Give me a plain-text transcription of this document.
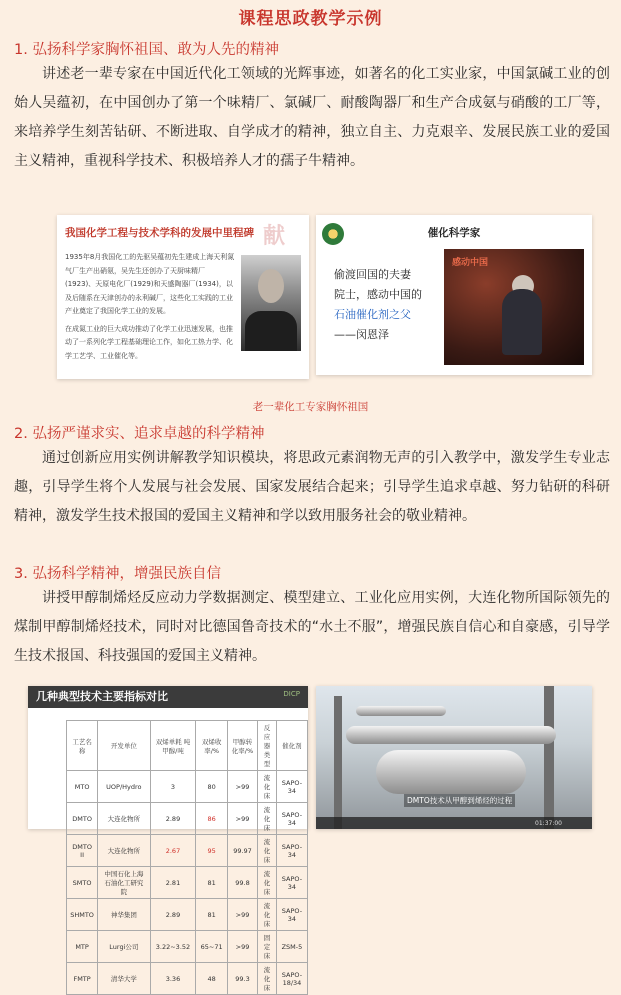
课程思政教学示例
1. 弘扬科学家胸怀祖国、敢为人先的精神
讲述老一辈专家在中国近代化工领域的光辉事迹，如著名的化工实业家，中国氯碱工业的创始人吴蕴初，在中国创办了第一个味精厂、氯碱厂、耐酸陶器厂和生产合成氨与硝酸的工厂等，来培养学生刻苦钻研、不断进取、自学成才的精神，独立自主、力克艰辛、发展民族工业的爱国主义精神，重视科学技术、积极培养人才的孺子牛精神。
献
我国化学工程与技术学科的发展中里程碑
1935年8月我国化工的先驱吴蕴初先生建成上海天利氮气厂生产出硝氨，吴先生还创办了天厨味精厂(1923)、天原电化厂(1929)和天盛陶器厂(1934)，以及后随系在天津创办的永利碱厂，这些化工实践的工业产业奠定了我国化学工业的发展。
在成氮工业的巨大成功推动了化学工业迅速发展，也推动了一系列化学工程基础理论工作，如化工热力学、化学工艺学、工业催化等。
催化科学家
偷渡回国的夫妻
院士，感动中国的
石油催化剂之父
——闵恩泽
感动中国
老一辈化工专家胸怀祖国
2. 弘扬严谨求实、追求卓越的科学精神
通过创新应用实例讲解教学知识模块，将思政元素润物无声的引入教学中，激发学生专业志趣，引导学生将个人发展与社会发展、国家发展结合起来；引导学生追求卓越、努力钻研的科研精神，激发学生技术报国的爱国主义精神和学以致用服务社会的敬业精神。
3. 弘扬科学精神，增强民族自信
讲授甲醇制烯烃反应动力学数据测定、模型建立、工业化应用实例，大连化物所国际领先的煤制甲醇制烯烃技术，同时对比德国鲁奇技术的“水土不服”，增强民族自信心和自豪感，引导学生技术报国、科技强国的爱国主义精神。
几种典型技术主要指标对比	DICP
工艺名称	开发单位	双烯单耗 吨甲醇/吨	双烯收率/%	甲醇转化率/%	反应器类型	催化剂
MTO	UOP/Hydro	3	80	>99	流化床	SAPO-34
DMTO	大连化物所	2.89	86	>99	流化床	SAPO-34
DMTO II	大连化物所	2.67	95	99.97	流化床	SAPO-34
SMTO	中国石化上海石油化工研究院	2.81	81	99.8	流化床	SAPO-34
SHMTO	神华集团	2.89	81	>99	流化床	SAPO-34
MTP	Lurgi公司	3.22~3.52	65~71	>99	固定床	ZSM-5
FMTP	清华大学	3.36	48	99.3	流化床	SAPO-18/34
DMTO技术从甲醇到烯烃的过程
01:37:00
